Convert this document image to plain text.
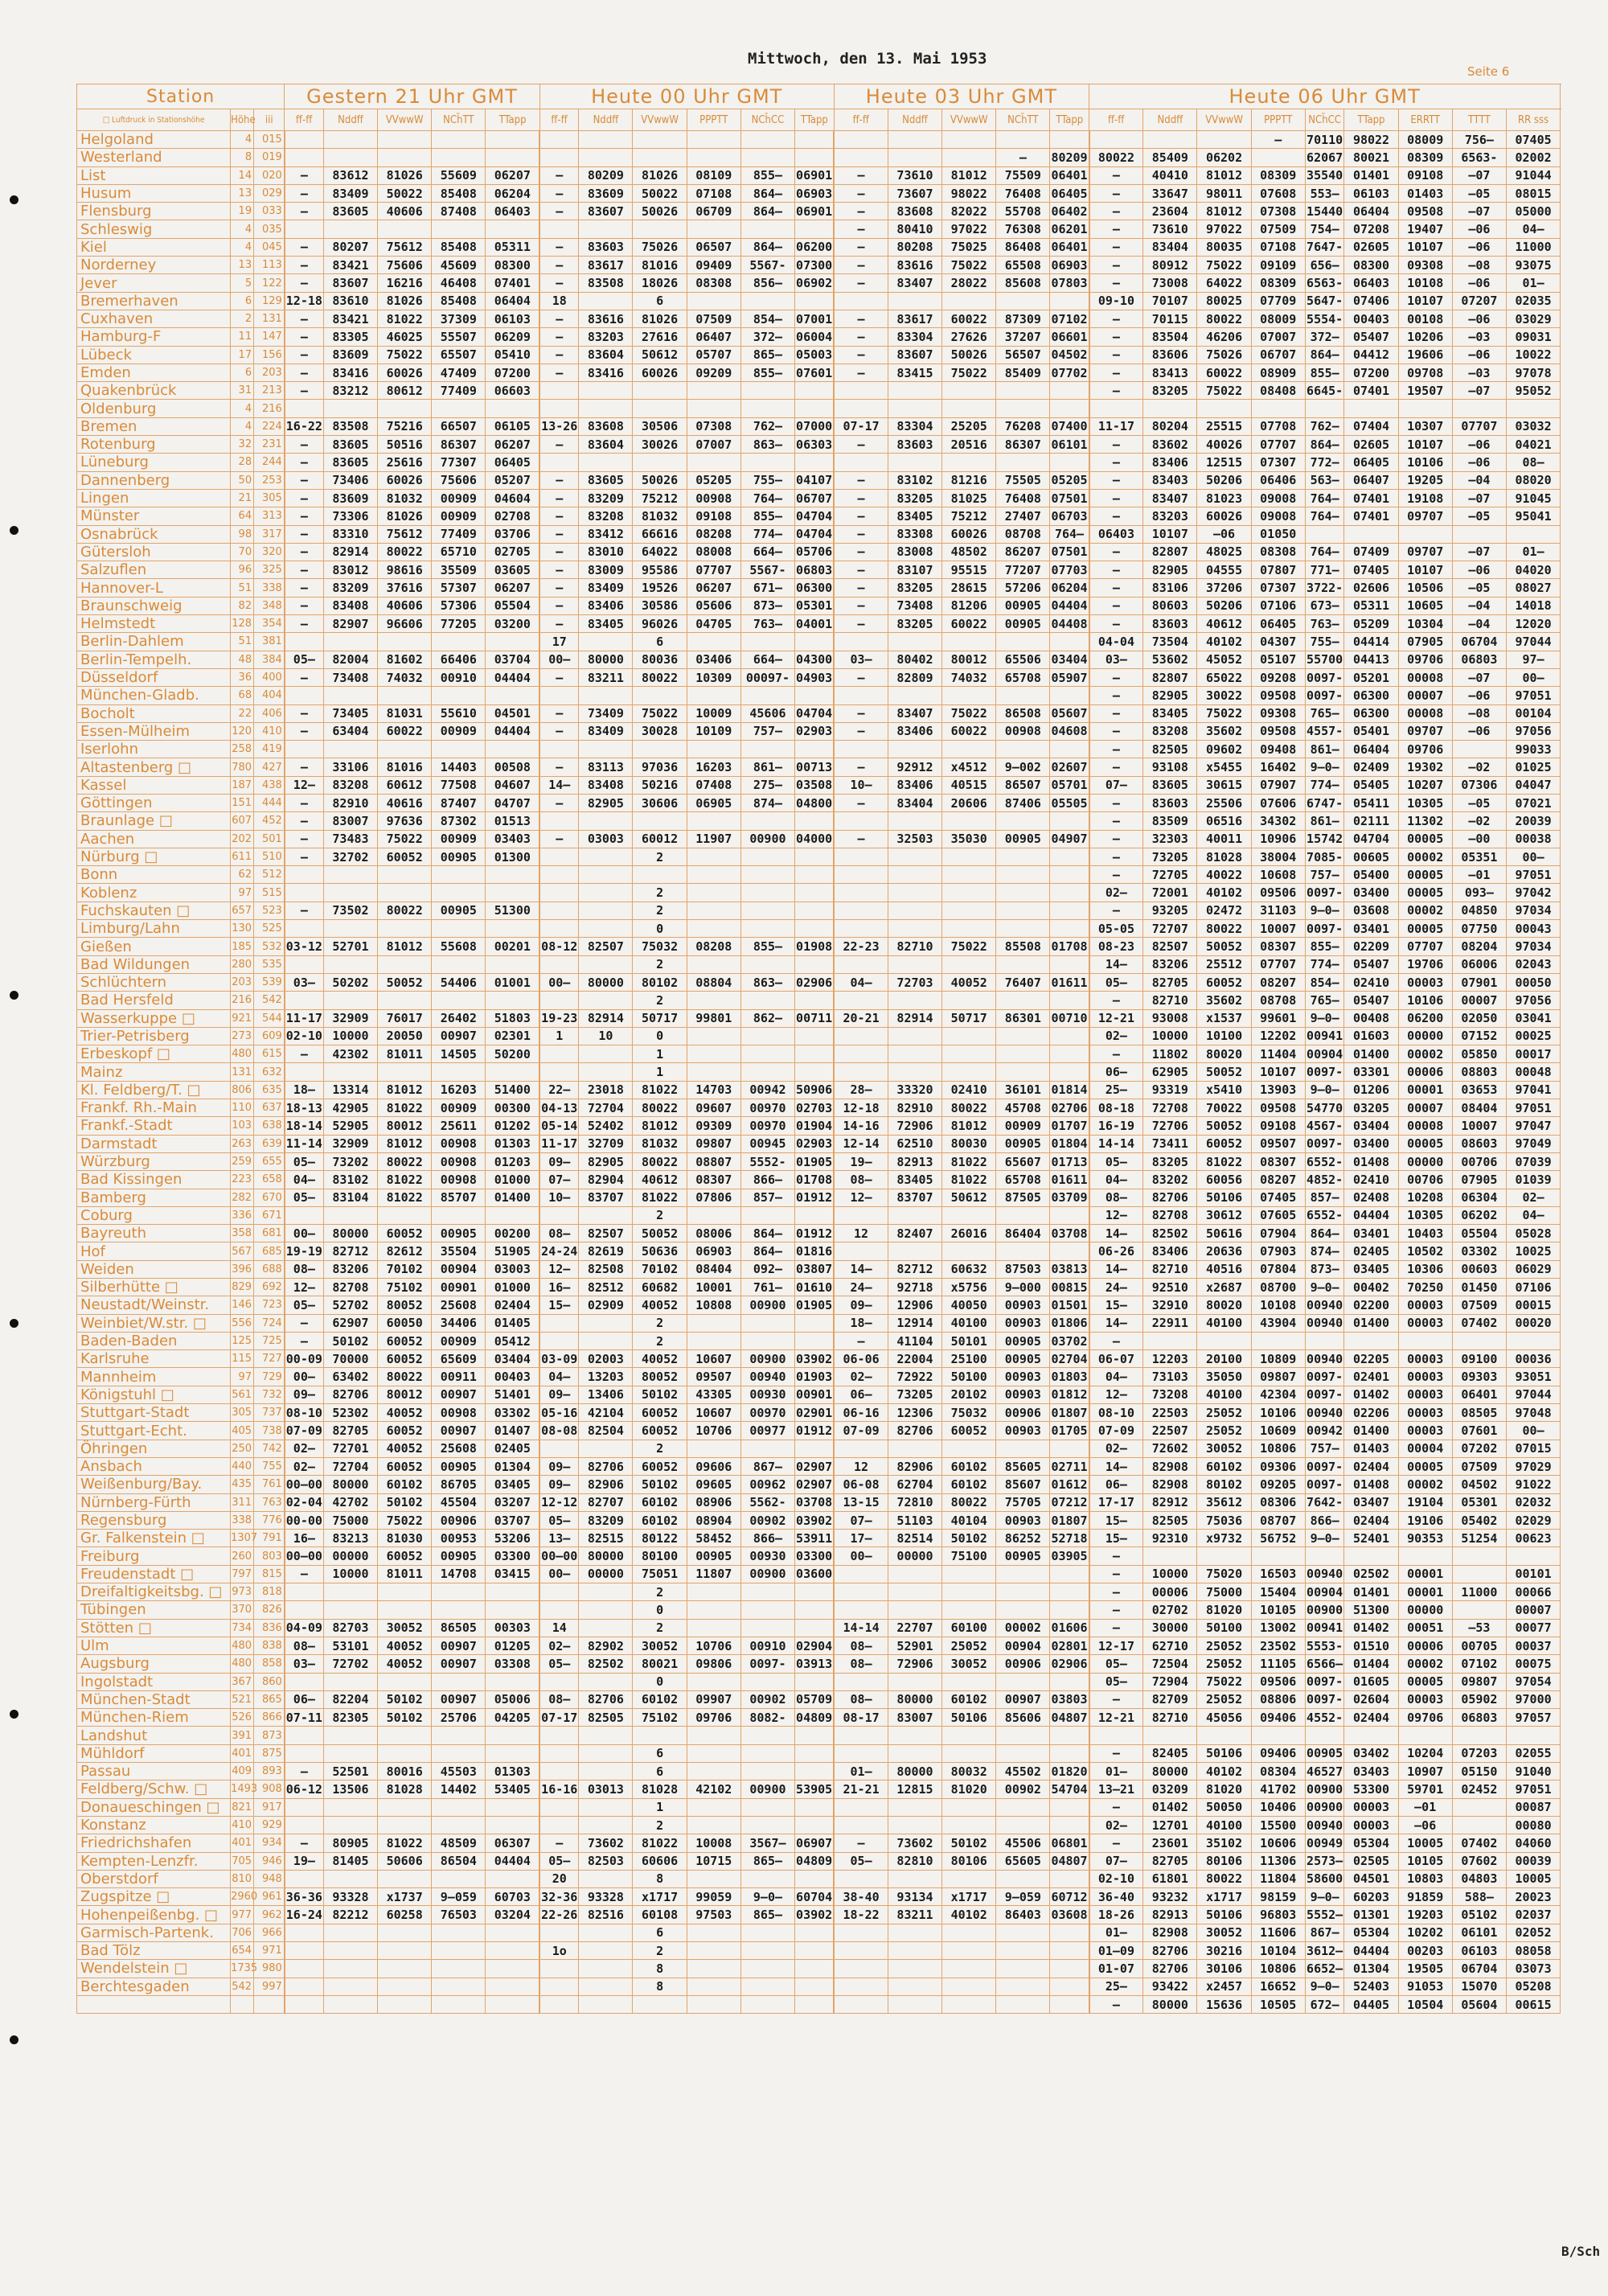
Mittwoch, den 13. Mai 1953
Seite 6
Station			Gestern 21 Uhr GMT					Heute 00 Uhr GMT						Heute 03 Uhr GMT					Heute 06 Uhr GMT								
□ Luftdruck in Stationshöhe	Höhe	iii	ff-ff	Nddff	VVwwW	NCh̄TT	TTapp	ff-ff	Nddff	VVwwW	PPPTT	NCh̄CC	TTapp	ff-ff	Nddff	VVwwW	NCh̄TT	TTapp	ff-ff	Nddff	VVwwW	PPPTT	NCh̄CC	TTapp	ERRTT	TTTT	RR sss
Helgoland	4	015																				—	70110	98022	08009	756—	07405
Westerland	8	019															—	80209	80022	85409	06202		62067	80021	08309	6563-	02002
List	14	020	—	83612	81026	55609	06207	—	80209	81026	08109	855—	06901	—	73610	81012	75509	06401	—	40410	81012	08309	35540	01401	09108	—07	91044
Husum	13	029	—	83409	50022	85408	06204	—	83609	50022	07108	864—	06903	—	73607	98022	76408	06405	—	33647	98011	07608	553—	06103	01403	—05	08015
Flensburg	19	033	—	83605	40606	87408	06403	—	83607	50026	06709	864—	06901	—	83608	82022	55708	06402	—	23604	81012	07308	15440	06404	09508	—07	05000
Schleswig	4	035												—	80410	97022	76308	06201	—	73610	97022	07509	754—	07208	19407	—06	04—
Kiel	4	045	—	80207	75612	85408	05311	—	83603	75026	06507	864—	06200	—	80208	75025	86408	06401	—	83404	80035	07108	7647-	02605	10107	—06	11000
Norderney	13	113	—	83421	75606	45609	08300	—	83617	81016	09409	5567-	07300	—	83616	75022	65508	06903	—	80912	75022	09109	656—	08300	09308	—08	93075
Jever	5	122	—	83607	16216	46408	07401	—	83508	18026	08308	856—	06902	—	83407	28022	85608	07803	—	73008	64022	08309	6563-	06403	10108	—06	01—
Bremerhaven	6	129	12-18	83610	81026	85408	06404	18		6									09-10	70107	80025	07709	5647-	07406	10107	07207	02035
Cuxhaven	2	131	—	83421	81022	37309	06103	—	83616	81026	07509	854—	07001	—	83617	60022	87309	07102	—	70115	80022	08009	5554-	00403	00108	—06	03029
Hamburg-F	11	147	—	83305	46025	55507	06209	—	83203	27616	06407	372—	06004	—	83304	27626	37207	06601	—	83504	46206	07007	372—	05407	10206	—03	09031
Lübeck	17	156	—	83609	75022	65507	05410	—	83604	50612	05707	865—	05003	—	83607	50026	56507	04502	—	83606	75026	06707	864—	04412	19606	—06	10022
Emden	6	203	—	83416	60026	47409	07200	—	83416	60026	09209	855—	07601	—	83415	75022	85409	07702	—	83413	60022	08909	855—	07200	09708	—03	97078
Quakenbrück	31	213	—	83212	80612	77409	06603												—	83205	75022	08408	6645-	07401	19507	—07	95052
Oldenburg	4	216																									
Bremen	4	224	16-22	83508	75216	66507	06105	13-26	83608	30506	07308	762—	07000	07-17	83304	25205	76208	07400	11-17	80204	25515	07708	762—	07404	10307	07707	03032
Rotenburg	32	231	—	83605	50516	86307	06207	—	83604	30026	07007	863—	06303	—	83603	20516	86307	06101	—	83602	40026	07707	864—	02605	10107	—06	04021
Lüneburg	28	244	—	83605	25616	77307	06405												—	83406	12515	07307	772—	06405	10106	—06	08—
Dannenberg	50	253	—	73406	60026	75606	05207	—	83605	50026	05205	755—	04107	—	83102	81216	75505	05205	—	83403	50206	06406	563—	06407	19205	—04	08020
Lingen	21	305	—	83609	81032	00909	04604	—	83209	75212	00908	764—	06707	—	83205	81025	76408	07501	—	83407	81023	09008	764—	07401	19108	—07	91045
Münster	64	313	—	73306	81026	00909	02708	—	83208	81032	09108	855—	04704	—	83405	75212	27407	06703	—	83203	60026	09008	764—	07401	09707	—05	95041
Osnabrück	98	317	—	83310	75612	77409	03706	—	83412	66616	08208	774—	04704	—	83308	60026	08708	764—	06403	10107	—06	01050					
Gütersloh	70	320	—	82914	80022	65710	02705	—	83010	64022	08008	664—	05706	—	83008	48502	86207	07501	—	82807	48025	08308	764—	07409	09707	—07	01—
Salzuflen	96	325	—	83012	98616	35509	03605	—	83009	95586	07707	5567-	06803	—	83107	95515	77207	07703	—	82905	04555	07807	771—	07405	10107	—06	04020
Hannover-L	51	338	—	83209	37616	57307	06207	—	83409	19526	06207	671—	06300	—	83205	28615	57206	06204	—	83106	37206	07307	3722-	02606	10506	—05	08027
Braunschweig	82	348	—	83408	40606	57306	05504	—	83406	30586	05606	873—	05301	—	73408	81206	00905	04404	—	80603	50206	07106	673—	05311	10605	—04	14018
Helmstedt	128	354	—	82907	96606	77205	03200	—	83405	96026	04705	763—	04001	—	83205	60022	00905	04408	—	83603	40612	06405	763—	05209	10304	—04	12020
Berlin-Dahlem	51	381						17		6									04-04	73504	40102	04307	755—	04414	07905	06704	97044
Berlin-Tempelh.	48	384	05—	82004	81602	66406	03704	00—	80000	80036	03406	664—	04300	03—	80402	80012	65506	03404	03—	53602	45052	05107	55700	04413	09706	06803	97—
Düsseldorf	36	400	—	73408	74032	00910	04404	—	83211	80022	10309	00097-	04903	—	82809	74032	65708	05907	—	82807	65022	09208	0097-	05201	00008	—07	00—
München-Gladb.	68	404																	—	82905	30022	09508	0097-	06300	00007	—06	97051
Bocholt	22	406	—	73405	81031	55610	04501	—	73409	75022	10009	45606	04704	—	83407	75022	86508	05607	—	83405	75022	09308	765—	06300	00008	—08	00104
Essen-Mülheim	120	410	—	63404	60022	00909	04404	—	83409	30028	10109	757—	02903	—	83406	60022	00908	04608	—	83208	35602	09508	4557-	05401	09707	—06	97056
Iserlohn	258	419																	—	82505	09602	09408	861—	06404	09706		99033
Altastenberg □	780	427	—	33106	81016	14403	00508	—	83113	97036	16203	861—	00713	—	92912	x4512	9—002	02607	—	93108	x5455	16402	9—0—	02409	19302	—02	01025
Kassel	187	438	12—	83208	60612	77508	04607	14—	83408	50216	07408	275—	03508	10—	83406	40515	86507	05701	07—	83605	30615	07907	774—	05405	10207	07306	04047
Göttingen	151	444	—	82910	40616	87407	04707	—	82905	30606	06905	874—	04800	—	83404	20606	87406	05505	—	83603	25506	07606	6747-	05411	10305	—05	07021
Braunlage □	607	452	—	83007	97636	87302	01513												—	83509	06516	34302	861—	02111	11302	—02	20039
Aachen	202	501	—	73483	75022	00909	03403	—	03003	60012	11907	00900	04000	—	32503	35030	00905	04907	—	32303	40011	10906	15742	04704	00005	—00	00038
Nürburg □	611	510	—	32702	60052	00905	01300			2									—	73205	81028	38004	7085-	00605	00002	05351	00—
Bonn	62	512																	—	72705	40022	10608	757—	05400	00005	—01	97051
Koblenz	97	515								2									02—	72001	40102	09506	0097-	03400	00005	093—	97042
Fuchskauten □	657	523	—	73502	80022	00905	51300			2									—	93205	02472	31103	9—0—	03608	00002	04850	97034
Limburg/Lahn	130	525								0									05-05	72707	80022	10007	0097-	03401	00005	07750	00043
Gießen	185	532	03-12	52701	81012	55608	00201	08-12	82507	75032	08208	855—	01908	22-23	82710	75022	85508	01708	08-23	82507	50052	08307	855—	02209	07707	08204	97034
Bad Wildungen	280	535								2									14—	83206	25512	07707	774—	05407	19706	06006	02043
Schlüchtern	203	539	03—	50202	50052	54406	01001	00—	80000	80102	08804	863—	02906	04—	72703	40052	76407	01611	05—	82705	60052	08207	854—	02410	00003	07901	00050
Bad Hersfeld	216	542								2									—	82710	35602	08708	765—	05407	10106	00007	97056
Wasserkuppe □	921	544	11-17	32909	76017	26402	51803	19-23	82914	50717	99801	862—	00711	20-21	82914	50717	86301	00710	12-21	93008	x1537	99601	9—0—	00408	06200	02050	03041
Trier-Petrisberg	273	609	02-10	10000	20050	00907	02301	1	10	0									02—	10000	10100	12202	00941	01603	00000	07152	00025
Erbeskopf □	480	615	—	42302	81011	14505	50200			1									—	11802	80020	11404	00904	01400	00002	05850	00017
Mainz	131	632								1									06—	62905	50052	10107	0097-	03301	00006	08803	00048
Kl. Feldberg/T. □	806	635	18—	13314	81012	16203	51400	22—	23018	81022	14703	00942	50906	28—	33320	02410	36101	01814	25—	93319	x5410	13903	9—0—	01206	00001	03653	97041
Frankf. Rh.-Main	110	637	18-13	42905	81022	00909	00300	04-13	72704	80022	09607	00970	02703	12-18	82910	80022	45708	02706	08-18	72708	70022	09508	54770	03205	00007	08404	97051
Frankf.-Stadt	103	638	18-14	52905	80012	25611	01202	05-14	52402	81012	09309	00970	01904	14-16	72906	81012	00909	01707	16-19	72706	50052	09108	4567-	03404	00008	10007	97047
Darmstadt	263	639	11-14	32909	81012	00908	01303	11-17	32709	81032	09807	00945	02903	12-14	62510	80030	00905	01804	14-14	73411	60052	09507	0097-	03400	00005	08603	97049
Würzburg	259	655	05—	73202	80022	00908	01203	09—	82905	80022	08807	5552-	01905	19—	82913	81022	65607	01713	05—	83205	81022	08307	6552-	01408	00000	00706	07039
Bad Kissingen	223	658	04—	83102	81022	00908	01000	07—	82904	40612	08307	866—	01708	08—	83405	81022	65708	01611	04—	83202	60056	08207	4852-	02410	00706	07905	01039
Bamberg	282	670	05—	83104	81022	85707	01400	10—	83707	81022	07806	857—	01912	12—	83707	50612	87505	03709	08—	82706	50106	07405	857—	02408	10208	06304	02—
Coburg	336	671								2									12—	82708	30612	07605	6552-	04404	10305	06202	04—
Bayreuth	358	681	00—	80000	60052	00905	00200	08—	82507	50052	08006	864—	01912	12	82407	26016	86404	03708	14—	82502	50616	07904	864—	03401	10403	05504	05028
Hof	567	685	19-19	82712	82612	35504	51905	24-24	82619	50636	06903	864—	01816						06-26	83406	20636	07903	874—	02405	10502	03302	10025
Weiden	396	688	08—	83206	70102	00904	03003	12—	82508	70102	08404	092—	03807	14—	82712	60632	87503	03813	14—	82710	40516	07804	873—	03405	10306	00603	06029
Silberhütte □	829	692	12—	82708	75102	00901	01000	16—	82512	60682	10001	761—	01610	24—	92718	x5756	9—000	00815	24—	92510	x2687	08700	9—0—	00402	70250	01450	07106
Neustadt/Weinstr.	146	723	05—	52702	80052	25608	02404	15—	02909	40052	10808	00900	01905	09—	12906	40050	00903	01501	15—	32910	80020	10108	00940	02200	00003	07509	00015
Weinbiet/W.str. □	556	724	—	62907	60050	34406	01405			2				18—	12914	40100	00903	01806	14—	22911	40100	43904	00940	01400	00003	07402	00020
Baden-Baden	125	725	—	50102	60052	00909	05412			2				—	41104	50101	00905	03702	—								
Karlsruhe	115	727	00-09	70000	60052	65609	03404	03-09	02003	40052	10607	00900	03902	06-06	22004	25100	00905	02704	06-07	12203	20100	10809	00940	02205	00003	09100	00036
Mannheim	97	729	00—	63402	80022	00911	00403	04—	13203	80052	09507	00940	01903	02—	72922	50100	00903	01803	04—	73103	35050	09807	0097-	02401	00003	09303	93051
Königstuhl □	561	732	09—	82706	80012	00907	51401	09—	13406	50102	43305	00930	00901	06—	73205	20102	00903	01812	12—	73208	40100	42304	0097-	01402	00003	06401	97044
Stuttgart-Stadt	305	737	08-10	52302	40052	00908	03302	05-16	42104	60052	10607	00970	02901	06-16	12306	75032	00906	01807	08-10	22503	25052	10106	00940	02206	00003	08505	97048
Stuttgart-Echt.	405	738	07-09	82705	60052	00907	01407	08-08	82504	60052	10706	00977	01912	07-09	82706	60052	00903	01705	07-09	22507	25052	10609	00942	01400	00003	07601	00—
Öhringen	250	742	02—	72701	40052	25608	02405			2									02—	72602	30052	10806	757—	01403	00004	07202	07015
Ansbach	440	755	02—	72704	60052	00905	01304	09—	82706	60052	09606	867—	02907	12	82906	60102	85605	02711	14—	82908	60102	09306	0097-	02404	00005	07509	97029
Weißenburg/Bay.	435	761	00—00	80000	60102	86705	03405	09—	82906	50102	09605	00962	02907	06-08	62704	60102	85607	01612	06—	82908	80102	09205	0097-	01408	00002	04502	91022
Nürnberg-Fürth	311	763	02-04	42702	50102	45504	03207	12-12	82707	60102	08906	5562-	03708	13-15	72810	80022	75705	07212	17-17	82912	35612	08306	7642-	03407	19104	05301	02032
Regensburg	338	776	00-00	75000	75022	00906	03707	05—	83209	60102	08904	00902	03902	07—	51103	40104	00903	01807	15—	82505	75036	08707	866—	02404	19106	05402	02029
Gr. Falkenstein □	1307	791	16—	83213	81030	00953	53206	13—	82515	80122	58452	866—	53911	17—	82514	50102	86252	52718	15—	92310	x9732	56752	9—0—	52401	90353	51254	00623
Freiburg	260	803	00—00	00000	60052	00905	03300	00—00	80000	80100	00905	00930	03300	00—	00000	75100	00905	03905	—								
Freudenstadt □	797	815	—	10000	81011	14708	03415	00—	00000	75051	11807	00900	03600						—	10000	75020	16503	00940	02502	00001		00101
Dreifaltigkeitsbg. □	973	818								2									—	00006	75000	15404	00904	01401	00001	11000	00066
Tübingen	370	826								0									—	02702	81020	10105	00900	51300	00000		00007
Stötten □	734	836	04-09	82703	30052	86505	00303	14		2				14-14	22707	60100	00002	01606	—	30000	50100	13002	00941	01402	00051	—53	00077
Ulm	480	838	08—	53101	40052	00907	01205	02—	82902	30052	10706	00910	02904	08—	52901	25052	00904	02801	12-17	62710	25052	23502	5553-	01510	00006	00705	00037
Augsburg	480	858	03—	72702	40052	00907	03308	05—	82502	80021	09806	0097-	03913	08—	72906	30052	00906	02906	05—	72504	25052	11105	6566—	01404	00002	07102	00075
Ingolstadt	367	860								0									05—	72904	75022	09506	0097-	01605	00005	09807	97054
München-Stadt	521	865	06—	82204	50102	00907	05006	08—	82706	60102	09907	00902	05709	08—	80000	60102	00907	03803	—	82709	25052	08806	0097-	02604	00003	05902	97000
München-Riem	526	866	07-11	82305	50102	25706	04205	07-17	82505	75102	09706	8082-	04809	08-17	83007	50106	85606	04807	12-21	82710	45056	09406	4552-	02404	09706	06803	97057
Landshut	391	873																									
Mühldorf	401	875								6									—	82405	50106	09406	00905	03402	10204	07203	02055
Passau	409	893	—	52501	80016	45503	01303			6				01—	80000	80032	45502	01820	01—	80000	40102	08304	46527	03403	10907	05150	91040
Feldberg/Schw. □	1493	908	06-12	13506	81028	14402	53405	16-16	03013	81028	42102	00900	53905	21-21	12815	81020	00902	54704	13—21	03209	81020	41702	00900	53300	59701	02452	97051
Donaueschingen □	821	917								1									—	01402	50050	10406	00900	00003	—01		00087
Konstanz	410	929								2									02—	12701	40100	15500	00940	00003	—06		00080
Friedrichshafen	401	934	—	80905	81022	48509	06307	—	73602	81022	10008	3567—	06907	—	73602	50102	45506	06801	—	23601	35102	10606	00949	05304	10005	07402	04060
Kempten-Lenzfr.	705	946	19—	81405	50606	86504	04404	05—	82503	60606	10715	865—	04809	05—	82810	80106	65605	04807	07—	82705	80106	11306	2573—	02505	10105	07602	00039
Oberstdorf	810	948						20		8									02-10	61801	80022	11804	58600	04501	10803	04803	10005
Zugspitze □	2960	961	36-36	93328	x1737	9—059	60703	32-36	93328	x1717	99059	9—0—	60704	38-40	93134	x1717	9—059	60712	36-40	93232	x1717	98159	9—0—	60203	91859	588—	20023
Hohenpeißenbg. □	977	962	16-24	82212	60258	76503	03204	22-26	82516	60108	97503	865—	03902	18-22	83211	40102	86403	03608	18-26	82913	50106	96803	5552—	01301	19203	05102	02037
Garmisch-Partenk.	706	966								6									01—	82908	30052	11606	867—	05304	10202	06101	02052
Bad Tölz	654	971						1o		2									01—09	82706	30216	10104	3612—	04404	00203	06103	08058
Wendelstein □	1735	980								8									01-07	82706	30106	10806	6652—	01304	19505	06704	03073
Berchtesgaden	542	997								8									25—	93422	x2457	16652	9—0—	52403	91053	15070	05208
																			—	80000	15636	10505	672—	04405	10504	05604	00615
B/Sch
